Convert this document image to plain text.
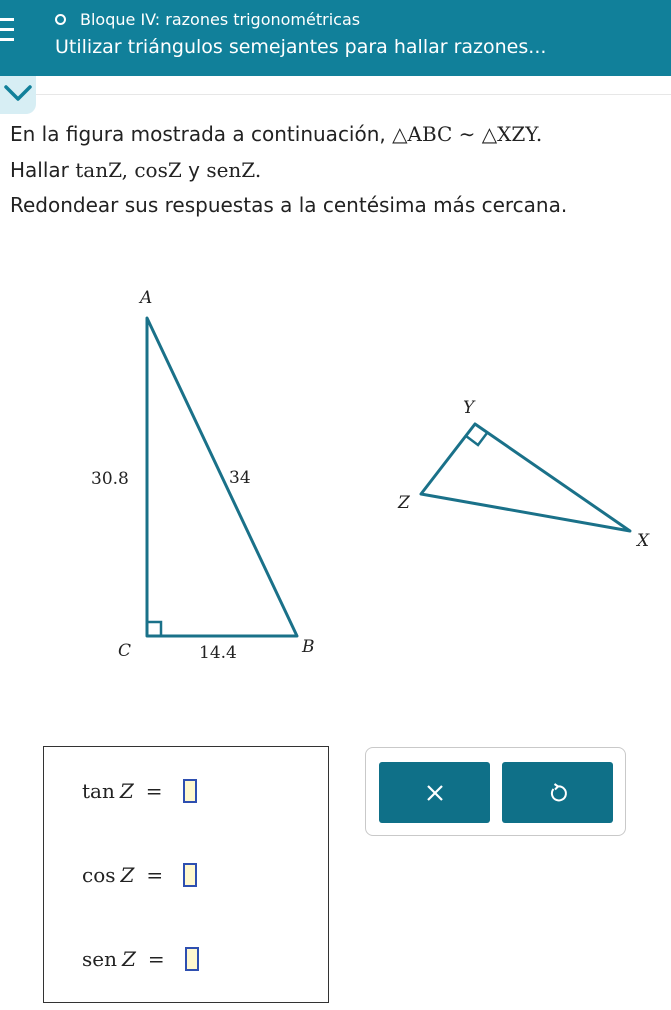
Bloque IV: razones trigonométricas
Utilizar triángulos semejantes para hallar razones...
En la figura mostrada a continuación, △ABC ∼ △XZY.
Hallar tanZ, cosZ y senZ.
Redondear sus respuestas a la centésima más cercana.
A
C	B
30.8	34
14.4
Y
Z
X
tan Z =
cos Z =
sen Z =
